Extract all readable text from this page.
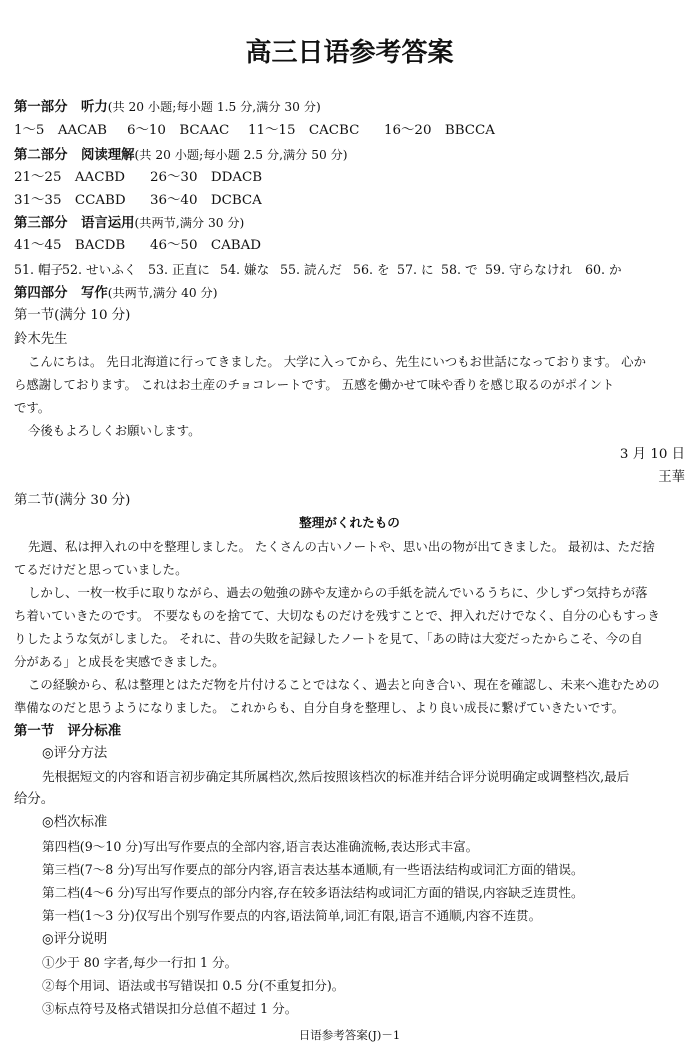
高三日语参考答案
第一部分　听力(共 20 小题;每小题 1.5 分,满分 30 分)
1～5　AACAB 6～10　BCAAC 11～15　CACBC 16～20　BBCCA
第二部分　阅读理解(共 20 小题;每小题 2.5 分,满分 50 分)
21～25　AACBD 26～30　DDACB
31～35　CCABD 36～40　DCBCA
第三部分　语言运用(共两节,满分 30 分)
41～45　BACDB 46～50　CABAD
51. 帽子52. せいふく 53. 正直に 54. 嫌な 55. 読んだ 56. を 57. に 58. で 59. 守らなけれ 60. か
第四部分　写作(共两节,满分 40 分)
第一节(满分 10 分)
鈴木先生
こんにちは。 先日北海道に行ってきました。 大学に入ってから、先生にいつもお世話になっております。 心か
ら感謝しております。 これはお土産のチョコレートです。 五感を働かせて味や香りを感じ取るのがポイント
です。
今後もよろしくお願いします。
3 月 10 日
王華
第二节(满分 30 分)
整理がくれたもの
先週、私は押入れの中を整理しました。 たくさんの古いノートや、思い出の物が出てきました。 最初は、ただ捨
てるだけだと思っていました。
しかし、一枚一枚手に取りながら、過去の勉強の跡や友達からの手紙を読んでいるうちに、少しずつ気持ちが落
ち着いていきたのです。 不要なものを捨てて、大切なものだけを残すことで、押入れだけでなく、自分の心もすっき
りしたような気がしました。 それに、昔の失敗を記録したノートを見て、「あの時は大変だったからこそ、今の自
分がある」と成長を実感できました。
この経験から、私は整理とはただ物を片付けることではなく、過去と向き合い、現在を確認し、未来へ進むための
準備なのだと思うようになりました。 これからも、自分自身を整理し、より良い成長に繋げていきたいです。
第一节　评分标准
◎评分方法
先根据短文的内容和语言初步确定其所属档次,然后按照该档次的标准并结合评分说明确定或调整档次,最后
给分。
◎档次标准
第四档(9～10 分)写出写作要点的全部内容,语言表达准确流畅,表达形式丰富。
第三档(7～8 分)写出写作要点的部分内容,语言表达基本通顺,有一些语法结构或词汇方面的错误。
第二档(4～6 分)写出写作要点的部分内容,存在较多语法结构或词汇方面的错误,内容缺乏连贯性。
第一档(1～3 分)仅写出个别写作要点的内容,语法简单,词汇有限,语言不通顺,内容不连贯。
◎评分说明
①少于 80 字者,每少一行扣 1 分。
②每个用词、语法或书写错误扣 0.5 分(不重复扣分)。
③标点符号及格式错误扣分总值不超过 1 分。
日语参考答案(J)－1
